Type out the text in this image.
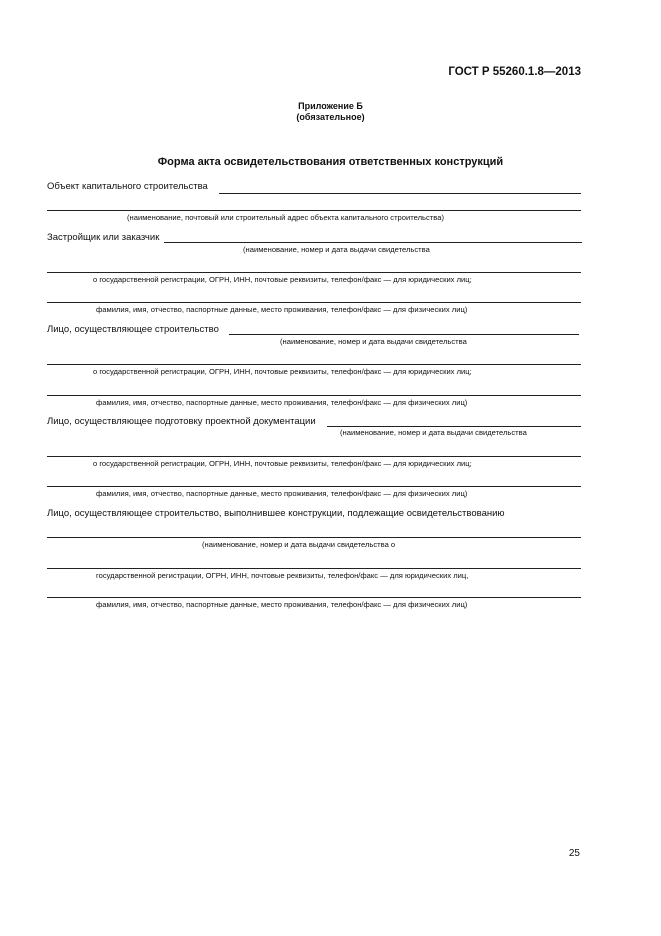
ГОСТ Р 55260.1.8—2013
Приложение Б
(обязательное)
Форма акта освидетельствования ответственных конструкций
Объект капитального строительства
(наименование, почтовый или строительный адрес объекта капитального строительства)
Застройщик или заказчик
(наименование, номер и дата выдачи свидетельства
о государственной регистрации, ОГРН, ИНН, почтовые реквизиты, телефон/факс — для юридических лиц;
фамилия, имя, отчество, паспортные данные, место проживания, телефон/факс — для физических лиц)
Лицо, осуществляющее строительство
(наименование, номер и дата выдачи свидетельства
о государственной регистрации, ОГРН, ИНН, почтовые реквизиты, телефон/факс — для юридических лиц;
фамилия, имя, отчество, паспортные данные, место проживания, телефон/факс — для физических лиц)
Лицо, осуществляющее подготовку проектной документации
(наименование, номер и дата выдачи свидетельства
о государственной регистрации, ОГРН, ИНН, почтовые реквизиты, телефон/факс — для юридических лиц;
фамилия, имя, отчество, паспортные данные, место проживания, телефон/факс — для физических лиц)
Лицо, осуществляющее строительство, выполнившее конструкции, подлежащие освидетельствованию
(наименование, номер и дата выдачи свидетельства о
государственной регистрации, ОГРН, ИНН, почтовые реквизиты, телефон/факс — для юридических лиц,
фамилия, имя, отчество, паспортные данные, место проживания, телефон/факс — для физических лиц)
25
